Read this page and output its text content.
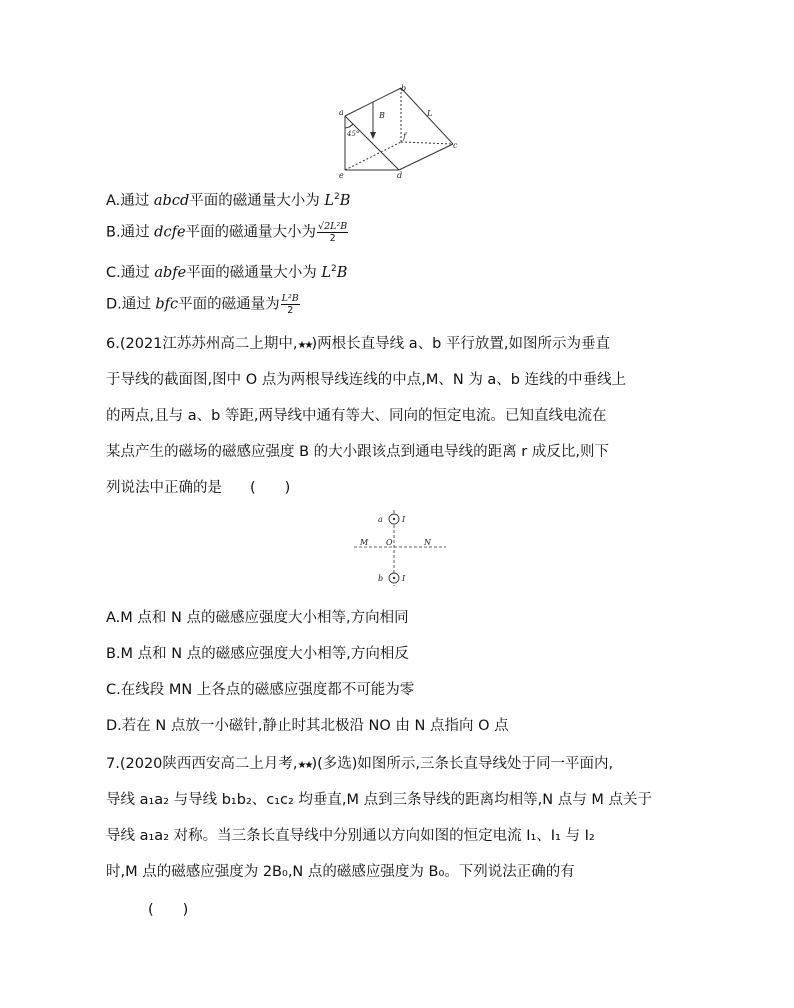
a
b
c
d
e
f
B	L
45°
A.通过 abcd平面的磁通量大小为 $L^2B$
B.通过 dcfe平面的磁通量大小为 $\frac{\text{√2L²B}}{2}$
C.通过 abfe平面的磁通量大小为 $L^2B$
D.通过 bfc平面的磁通量为 $\frac{\text{L²B}}{2}$
6.(2021江苏苏州高二上期中,★★)两根长直导线 a、b 平行放置,如图所示为垂直
于导线的截面图,图中 O 点为两根导线连线的中点,M、N 为 a、b 连线的中垂线上
的两点,且与 a、b 等距,两导线中通有等大、同向的恒定电流。已知直线电流在
某点产生的磁场的磁感应强度 B 的大小跟该点到通电导线的距离 r 成反比,则下
列说法中正确的是 (　　)
a I
b I
M O	N
A.M 点和 N 点的磁感应强度大小相等,方向相同
B.M 点和 N 点的磁感应强度大小相等,方向相反
C.在线段 MN 上各点的磁感应强度都不可能为零
D.若在 N 点放一小磁针,静止时其北极沿 NO 由 N 点指向 O 点
7.(2020陕西西安高二上月考,★★)(多选)如图所示,三条长直导线处于同一平面内,
导线 a₁a₂ 与导线 b₁b₂、c₁c₂ 均垂直,M 点到三条导线的距离均相等,N 点与 M 点关于
导线 a₁a₂ 对称。当三条长直导线中分别通以方向如图的恒定电流 I₁、I₁ 与 I₂
时,M 点的磁感应强度为 2B₀,N 点的磁感应强度为 B₀。下列说法正确的有
(　　)
